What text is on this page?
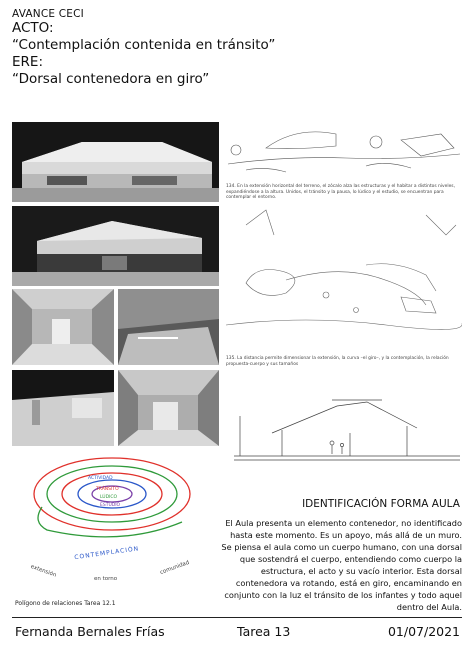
AVANCE CECI
ACTO:
“Contemplación contenida en tránsito”
ERE:
“Dorsal contenedora en giro”
134. En la extensión horizontal del terreno, el zócalo alza las estructuras y el habitar a distintos niveles, expandiéndose a la altura. Unidos, el tránsito y la pausa, lo lúdico y el estudio, se encuentran para contemplar el entorno.
135. La distancia permite dimensionar la extensión, la curva –el giro–, y la contemplación, la relación propuesta-cuerpo y sus tamaños
ACTIVIDAD
TRÁNSITO
LÚDICO
ESTUDIO
CONTEMPLACIÓN
extensión
en torno
comunidad
Polígono de relaciones Tarea 12.1
IDENTIFICACIÓN FORMA AULA
El Aula presenta un elemento contenedor, no identificado hasta este momento. Es un apoyo, más allá de un muro. Se piensa el aula como un cuerpo humano, con una dorsal que sostendrá el cuerpo, entendiendo como cuerpo la estructura, el acto y su vacío interior. Esta dorsal contenedora va rotando, está en giro, encaminando en conjunto con la luz el tránsito de los infantes y todo aquel dentro del Aula.
Fernanda Bernales Frías	Tarea 13	01/07/2021
